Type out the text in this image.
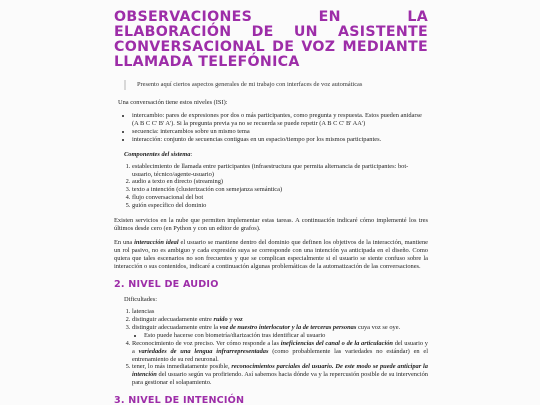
OBSERVACIONES EN LA ELABORACIÓN DE UN ASISTENTE CONVERSACIONAL DE VOZ MEDIANTE LLAMADA TELEFÓNICA
Presento aquí ciertos aspectos generales de mi trabajo con interfaces de voz automáticas

Una conversación tiene estos niveles (ISI):

• intercambio: pares de expresiones por dos o más participantes, como pregunta y respuesta. Estos pueden anidarse (A B C C' B' A'). Si la pregunta previa ya no se recuerda se puede repetir (A B C C' B' AA')
• secuencia: intercambios sobre un mismo tema
• interacción: conjunto de secuencias contiguas en un espacio/tiempo por los mismos participantes.

Componentes del sistema:

1. establecimiento de llamada entre participantes (infraestructura que permita alternancia de participantes: bot-usuario, técnico/agente-usuario)
2. audio a texto en directo (streaming)
3. texto a intención (clusterización con semejanza semántica)
4. flujo conversacional del bot
5. guión específico del dominio

Existen servicios en la nube que permiten implementar estas tareas. A continuación indicaré cómo implementé los tres últimos desde cero (en Python y con un editor de grafos).

En una interacción ideal el usuario se mantiene dentro del dominio que definen los objetivos de la interacción, mantiene un rol pasivo, no es ambiguo y cada expresión suya se corresponde con una intención ya anticipada en el diseño. Como quiera que tales escenarios no son frecuentes y que se complican especialmente si el usuario se siente confuso sobre la interacción o sus contenidos, indicaré a continuación algunas problemáticas de la automatización de las conversaciones.

2. NIVEL DE AUDIO

Dificultades:

1. latencias
2. distinguir adecuadamente entre ruido y voz
3. distinguir adecuadamente entre la voz de nuestro interlocutor y la de terceras personas cuya voz se oye.
• Esto puede hacerse con biometría/diarización tras identificar al usuario
4. Reconocimiento de voz preciso. Ver cómo responde a las ineficiencias del canal o de la articulación del usuario y a variedades de una lengua infrarrepresentadas (como probablemente las variedades no estándar) en el entrenamiento de su red neuronal.
5. tener, lo más inmediatamente posible, reconocimientos parciales del usuario. De este modo se puede anticipar la intención del usuario según va profiriendo. Así sabemos hacia dónde va y la repercusión posible de su intervención para gestionar el solapamiento.
3. NIVEL DE INTENCIÓN
